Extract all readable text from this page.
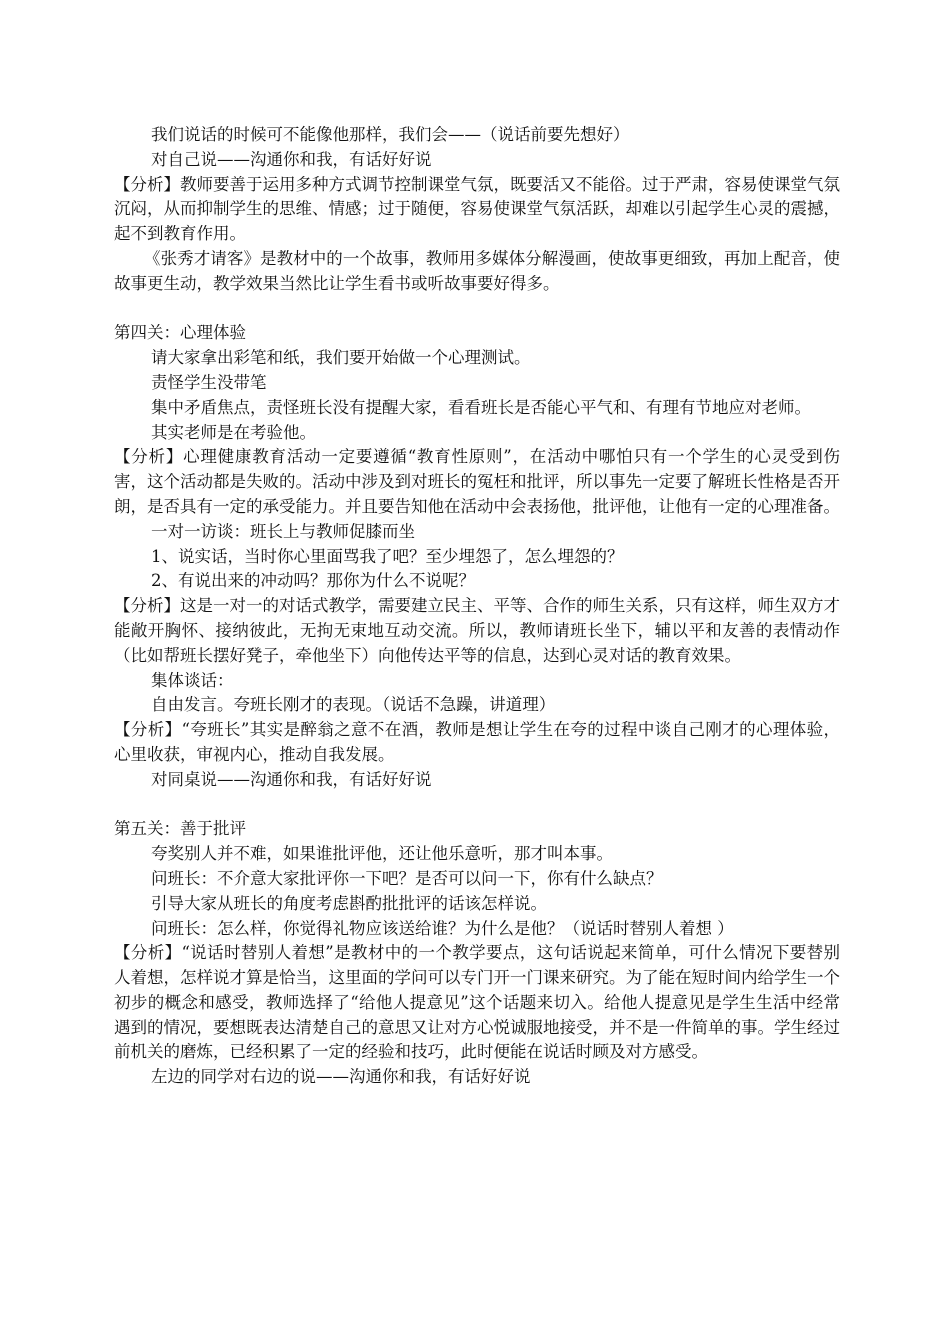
我们说话的时候可不能像他那样，我们会——（说话前要先想好）

对自己说——沟通你和我，有话好好说

【分析】教师要善于运用多种方式调节控制课堂气氛，既要活又不能俗。过于严肃，容易使课堂气氛沉闷，从而抑制学生的思维、情感；过于随便，容易使课堂气氛活跃，却难以引起学生心灵的震撼，起不到教育作用。

《张秀才请客》是教材中的一个故事，教师用多媒体分解漫画，使故事更细致，再加上配音，使故事更生动，教学效果当然比让学生看书或听故事要好得多。

第四关：心理体验

请大家拿出彩笔和纸，我们要开始做一个心理测试。

责怪学生没带笔

集中矛盾焦点，责怪班长没有提醒大家，看看班长是否能心平气和、有理有节地应对老师。

其实老师是在考验他。

【分析】心理健康教育活动一定要遵循“教育性原则”，在活动中哪怕只有一个学生的心灵受到伤害，这个活动都是失败的。活动中涉及到对班长的冤枉和批评，所以事先一定要了解班长性格是否开朗，是否具有一定的承受能力。并且要告知他在活动中会表扬他，批评他，让他有一定的心理准备。

一对一访谈：班长上与教师促膝而坐

1、说实话，当时你心里面骂我了吧？至少埋怨了，怎么埋怨的？

2、有说出来的冲动吗？那你为什么不说呢？

【分析】这是一对一的对话式教学，需要建立民主、平等、合作的师生关系，只有这样，师生双方才能敞开胸怀、接纳彼此，无拘无束地互动交流。所以，教师请班长坐下，辅以平和友善的表情动作（比如帮班长摆好凳子，牵他坐下）向他传达平等的信息，达到心灵对话的教育效果。

集体谈话：

自由发言。夸班长刚才的表现。（说话不急躁，讲道理）

【分析】“夸班长”其实是醉翁之意不在酒，教师是想让学生在夸的过程中谈自己刚才的心理体验，心里收获，审视内心，推动自我发展。

对同桌说——沟通你和我，有话好好说

第五关：善于批评

夸奖别人并不难，如果谁批评他，还让他乐意听，那才叫本事。

问班长：不介意大家批评你一下吧？是否可以问一下，你有什么缺点？

引导大家从班长的角度考虑斟酌批批评的话该怎样说。

问班长：怎么样，你觉得礼物应该送给谁？为什么是他？（说话时替别人着想 ）

【分析】“说话时替别人着想”是教材中的一个教学要点，这句话说起来简单，可什么情况下要替别人着想，怎样说才算是恰当，这里面的学问可以专门开一门课来研究。为了能在短时间内给学生一个初步的概念和感受，教师选择了“给他人提意见”这个话题来切入。给他人提意见是学生生活中经常遇到的情况，要想既表达清楚自己的意思又让对方心悦诚服地接受，并不是一件简单的事。学生经过前机关的磨炼，已经积累了一定的经验和技巧，此时便能在说话时顾及对方感受。

左边的同学对右边的说——沟通你和我，有话好好说
